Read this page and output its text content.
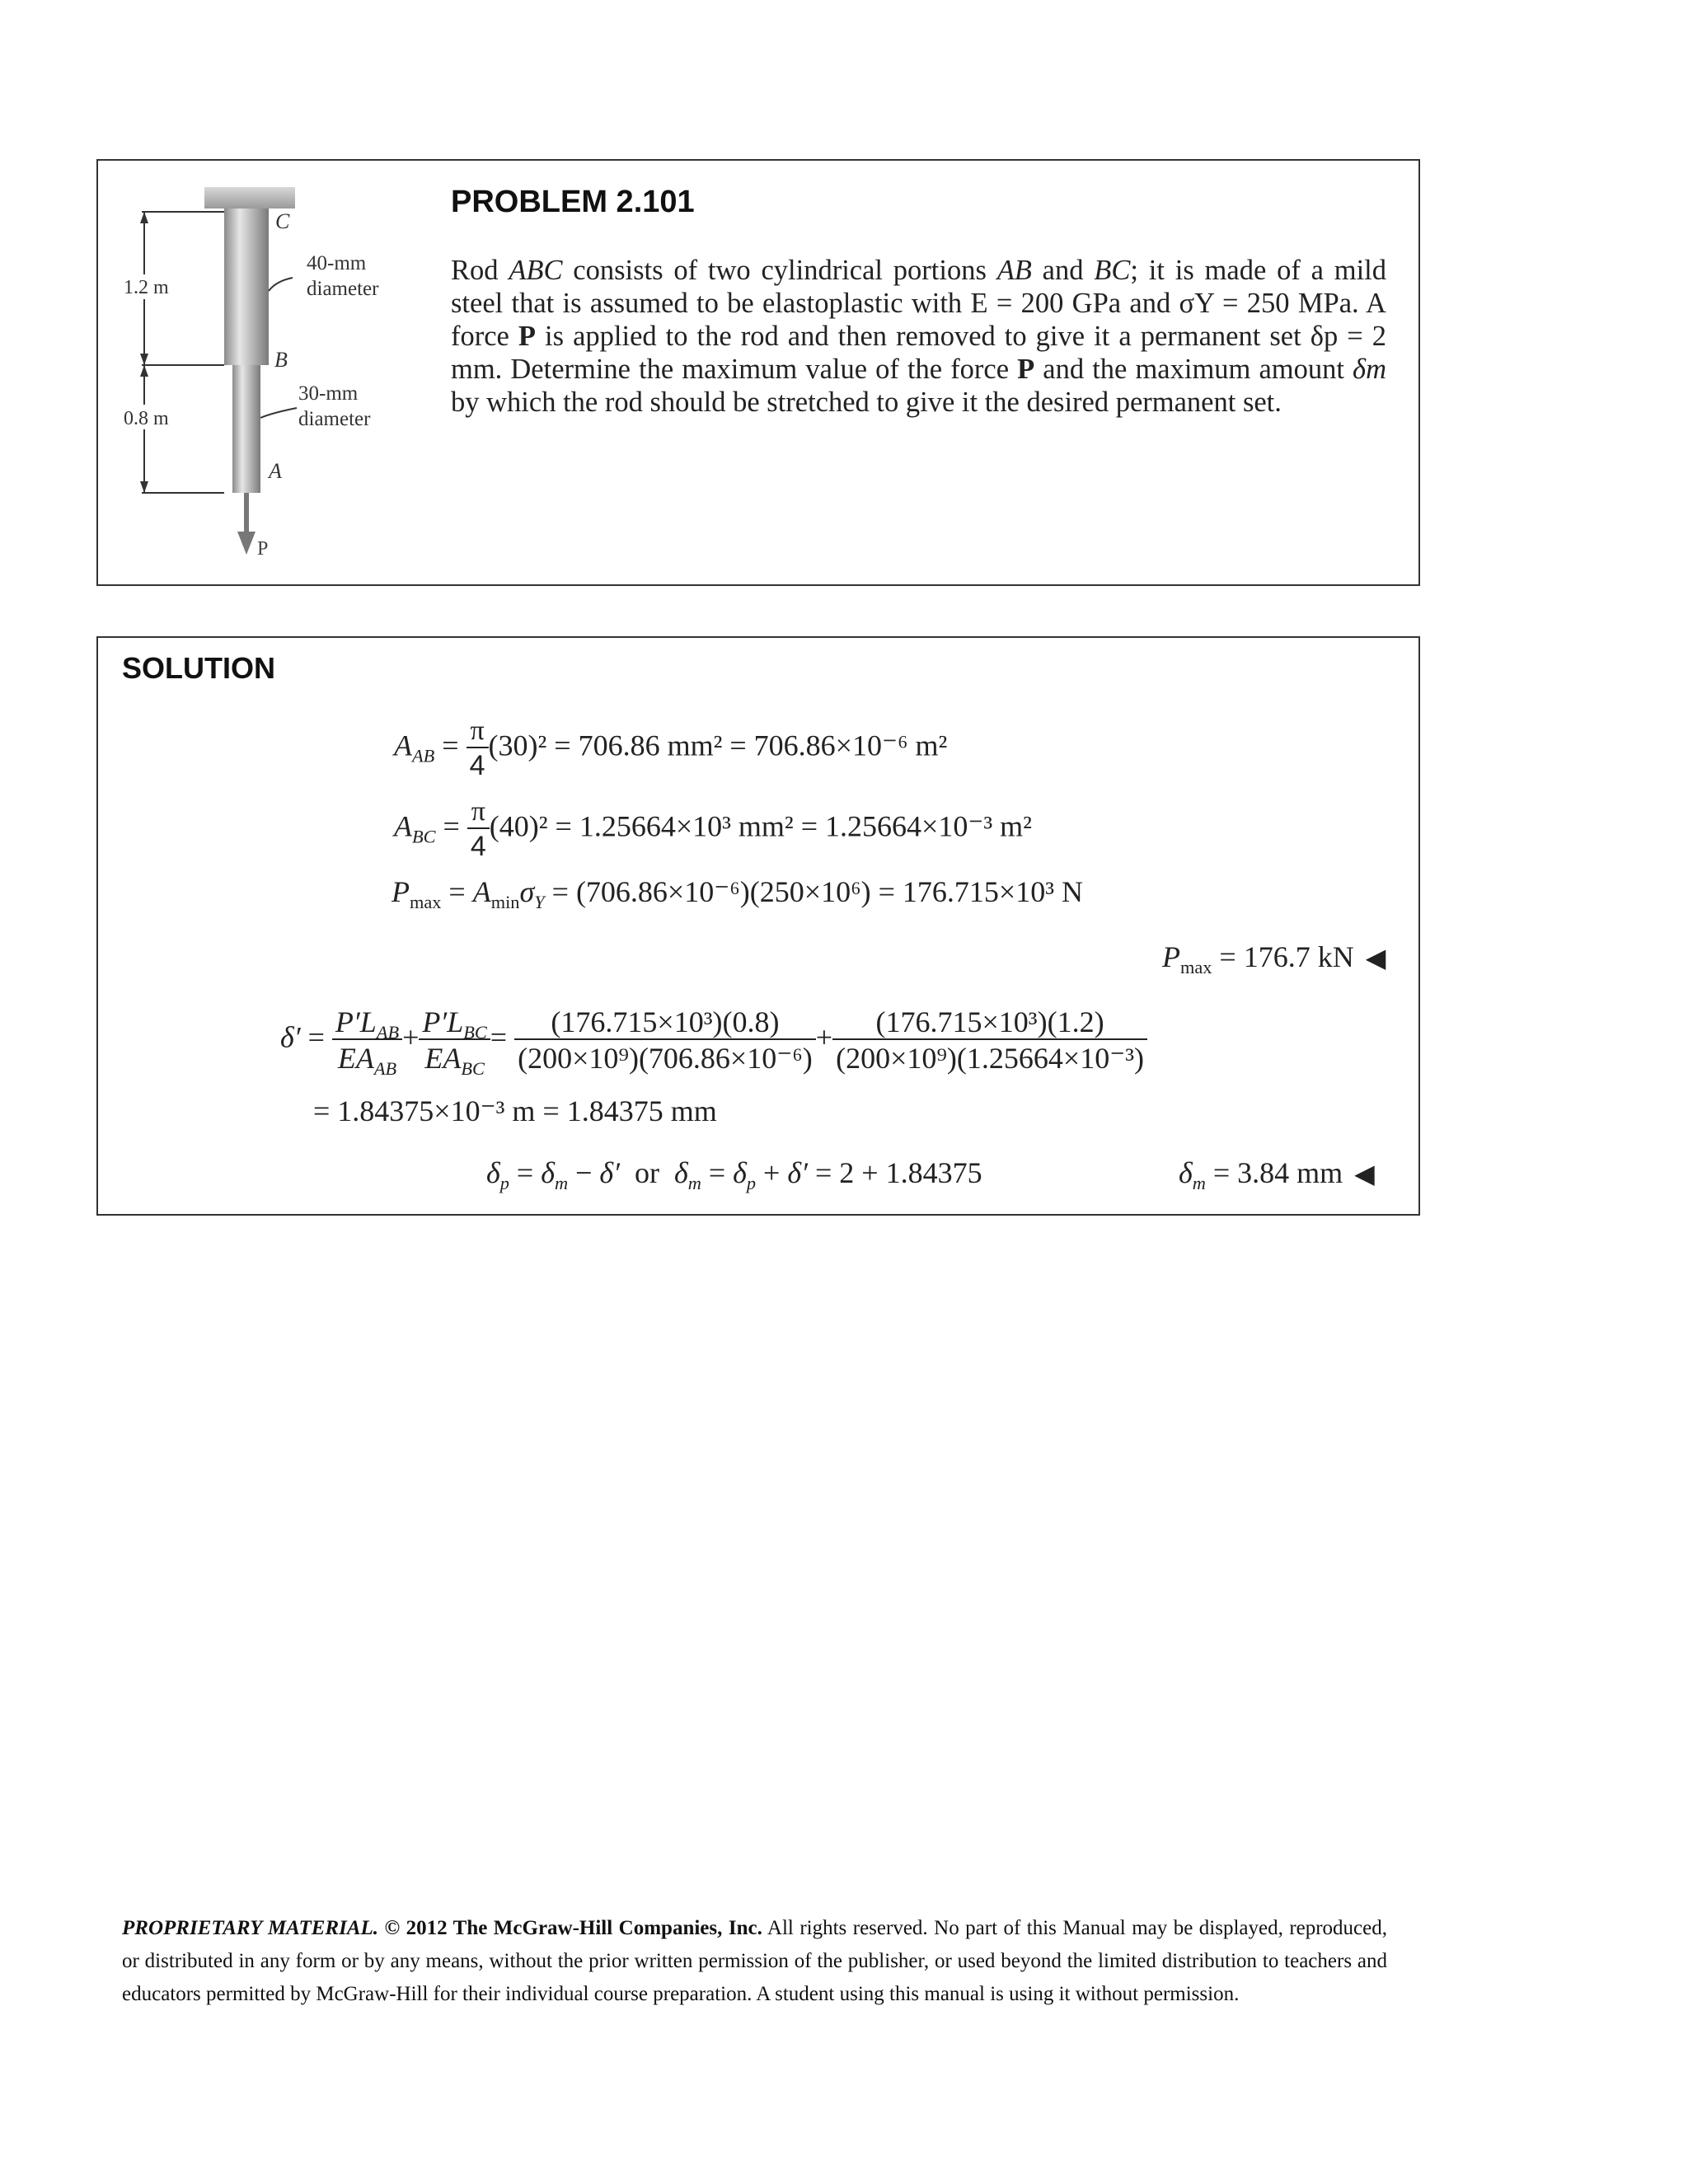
C
B
A
P
1.2 m
0.8 m
40-mm
diameter
30-mm
diameter
PROBLEM 2.101
Rod ABC consists of two cylindrical portions AB and BC; it is made of a mild steel that is assumed to be elastoplastic with E = 200 GPa and σY = 250 MPa. A force P is applied to the rod and then removed to give it a permanent set δp = 2 mm. Determine the maximum value of the force P and the maximum amount δm by which the rod should be stretched to give it the desired permanent set.
SOLUTION
$A_{AB} = \frac{\pi}{4} (30)^2 = 706.86$ mm² = 706.86×10⁻⁶ m²
$A_{BC} = \frac{\pi}{4} (40)^2 = 1.25664\times 10^3$ mm² = 1.25664×10⁻³ m²
$P_{max} = A_{min}\sigma_Y = (706.86\times 10^{-6})(250\times 10^6) = 176.715\times 10^3$ N
$P_{max} = 176.7$ kN ◀
$\delta' = \frac{P'L_{AB}}{EA_{AB}} + \frac{P'L_{BC}}{EA_{BC}} = \frac{\text{(176.715×10³)(0.8)}}{\text{(200×10⁹)(706.86×10⁻⁶)}} + \frac{\text{(176.715×10³)(1.2)}}{\text{(200×10⁹)(1.25664×10⁻³)}}$
= 1.84375×10⁻³ m = 1.84375 mm
$\delta_p = \delta_m - \delta'$  or  $\delta_m = \delta_p + \delta' = 2 + 1.84375$	$\delta_m = 3.84$ mm ◀
PROPRIETARY MATERIAL. © 2012 The McGraw-Hill Companies, Inc. All rights reserved. No part of this Manual may be displayed, reproduced, or distributed in any form or by any means, without the prior written permission of the publisher, or used beyond the limited distribution to teachers and educators permitted by McGraw-Hill for their individual course preparation. A student using this manual is using it without permission.
